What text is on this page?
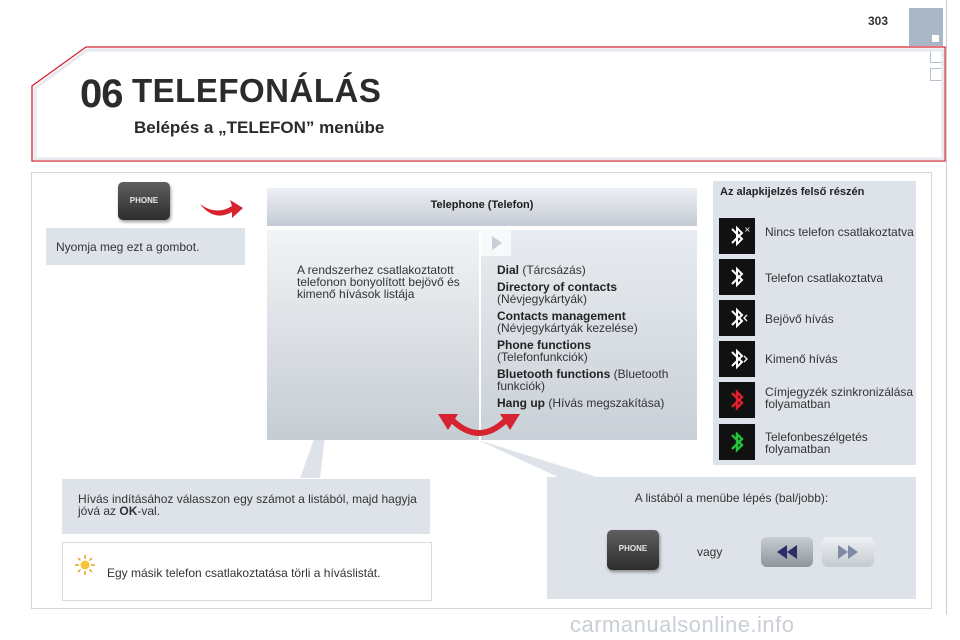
303
06 TELEFONÁLÁS
Belépés a „TELEFON” menübe
PHONE
Nyomja meg ezt a gombot.
Telephone (Telefon)
A rendszerhez csatlakoztatott telefonon bonyolított bejövő és kimenő hívások listája
Dial (Tárcsázás)
Directory of contacts
(Névjegykártyák)
Contacts management
(Névjegykártyák kezelése)
Phone functions
(Telefonfunkciók)
Bluetooth functions (Bluetooth funkciók)
Hang up (Hívás megszakítása)
Az alapkijelzés felső részén
× Nincs telefon csatlakoztatva
Telefon csatlakoztatva
Bejövő hívás
Kimenő hívás
Címjegyzék szinkronizálása folyamatban
Telefonbeszélgetés folyamatban
Hívás indításához válasszon egy számot a listából, majd hagyja jóvá az OK-val.
Egy másik telefon csatlakoztatása törli a híváslistát.
A listából a menübe lépés (bal/jobb):
PHONE	vagy
carmanualsonline.info
